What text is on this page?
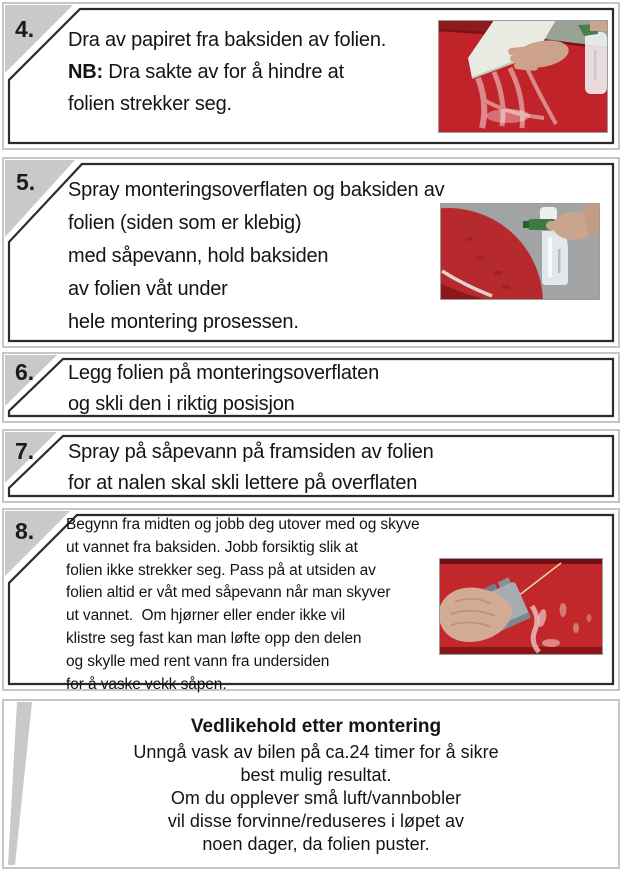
4. Dra av papiret fra baksiden av folien.
NB: Dra sakte av for å hindre at
folien strekker seg.
5. Spray monteringsoverflaten og baksiden av
folien (siden som er klebig)
med såpevann, hold baksiden
av folien våt under
hele montering prosessen.
6. Legg folien på monteringsoverflaten
og skli den i riktig posisjon
7. Spray på såpevann på framsiden av folien
for at nalen skal skli lettere på overflaten
8. Begynn fra midten og jobb deg utover med og skyve
ut vannet fra baksiden. Jobb forsiktig slik at
folien ikke strekker seg. Pass på at utsiden av
folien altid er våt med såpevann når man skyver
ut vannet.  Om hjørner eller ender ikke vil
klistre seg fast kan man løfte opp den delen
og skylle med rent vann fra undersiden
for å vaske vekk såpen.
Vedlikehold etter montering
Unngå vask av bilen på ca.24 timer for å sikre
best mulig resultat.
Om du opplever små luft/vannbobler
vil disse forvinne/reduseres i løpet av
noen dager, da folien puster.
